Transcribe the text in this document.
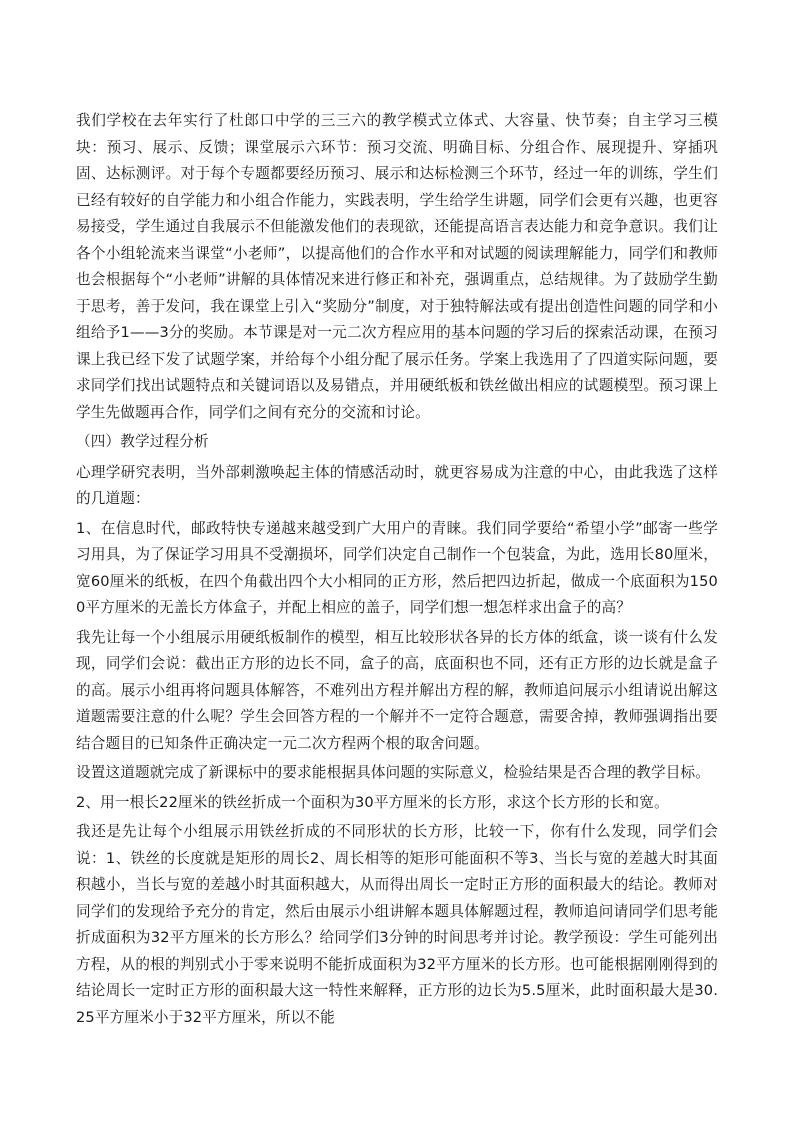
我们学校在去年实行了杜郎口中学的三三六的教学模式立体式、大容量、快节奏；自主学习三模块：预习、展示、反馈；课堂展示六环节：预习交流、明确目标、分组合作、展现提升、穿插巩固、达标测评。对于每个专题都要经历预习、展示和达标检测三个环节，经过一年的训练，学生们已经有较好的自学能力和小组合作能力，实践表明，学生给学生讲题，同学们会更有兴趣，也更容易接受，学生通过自我展示不但能激发他们的表现欲，还能提高语言表达能力和竞争意识。我们让各个小组轮流来当课堂“小老师”，以提高他们的合作水平和对试题的阅读理解能力，同学们和教师也会根据每个“小老师”讲解的具体情况来进行修正和补充，强调重点，总结规律。为了鼓励学生勤于思考，善于发问，我在课堂上引入“奖励分”制度，对于独特解法或有提出创造性问题的同学和小组给予1——3分的奖励。本节课是对一元二次方程应用的基本问题的学习后的探索活动课，在预习课上我已经下发了试题学案，并给每个小组分配了展示任务。学案上我选用了了四道实际问题，要求同学们找出试题特点和关键词语以及易错点，并用硬纸板和铁丝做出相应的试题模型。预习课上学生先做题再合作，同学们之间有充分的交流和讨论。

（四）教学过程分析

心理学研究表明，当外部刺激唤起主体的情感活动时，就更容易成为注意的中心，由此我选了这样的几道题：

1、在信息时代，邮政特快专递越来越受到广大用户的青睐。我们同学要给“希望小学”邮寄一些学习用具，为了保证学习用具不受潮损坏，同学们决定自己制作一个包装盒，为此，选用长80厘米，宽60厘米的纸板，在四个角截出四个大小相同的正方形，然后把四边折起，做成一个底面积为1500平方厘米的无盖长方体盒子，并配上相应的盖子，同学们想一想怎样求出盒子的高？

我先让每一个小组展示用硬纸板制作的模型，相互比较形状各异的长方体的纸盒，谈一谈有什么发现，同学们会说：截出正方形的边长不同，盒子的高，底面积也不同，还有正方形的边长就是盒子的高。展示小组再将问题具体解答，不难列出方程并解出方程的解，教师追问展示小组请说出解这道题需要注意的什么呢？学生会回答方程的一个解并不一定符合题意，需要舍掉，教师强调指出要结合题目的已知条件正确决定一元二次方程两个根的取舍问题。

设置这道题就完成了新课标中的要求能根据具体问题的实际意义，检验结果是否合理的教学目标。

2、用一根长22厘米的铁丝折成一个面积为30平方厘米的长方形，求这个长方形的长和宽。

我还是先让每个小组展示用铁丝折成的不同形状的长方形，比较一下，你有什么发现，同学们会说：1、铁丝的长度就是矩形的周长2、周长相等的矩形可能面积不等3、当长与宽的差越大时其面积越小，当长与宽的差越小时其面积越大，从而得出周长一定时正方形的面积最大的结论。教师对同学们的发现给予充分的肯定，然后由展示小组讲解本题具体解题过程，教师追问请同学们思考能折成面积为32平方厘米的长方形么？给同学们3分钟的时间思考并讨论。教学预设：学生可能列出方程，从的根的判别式小于零来说明不能折成面积为32平方厘米的长方形。也可能根据刚刚得到的结论周长一定时正方形的面积最大这一特性来解释，正方形的边长为5.5厘米，此时面积最大是30.25平方厘米小于32平方厘米，所以不能
